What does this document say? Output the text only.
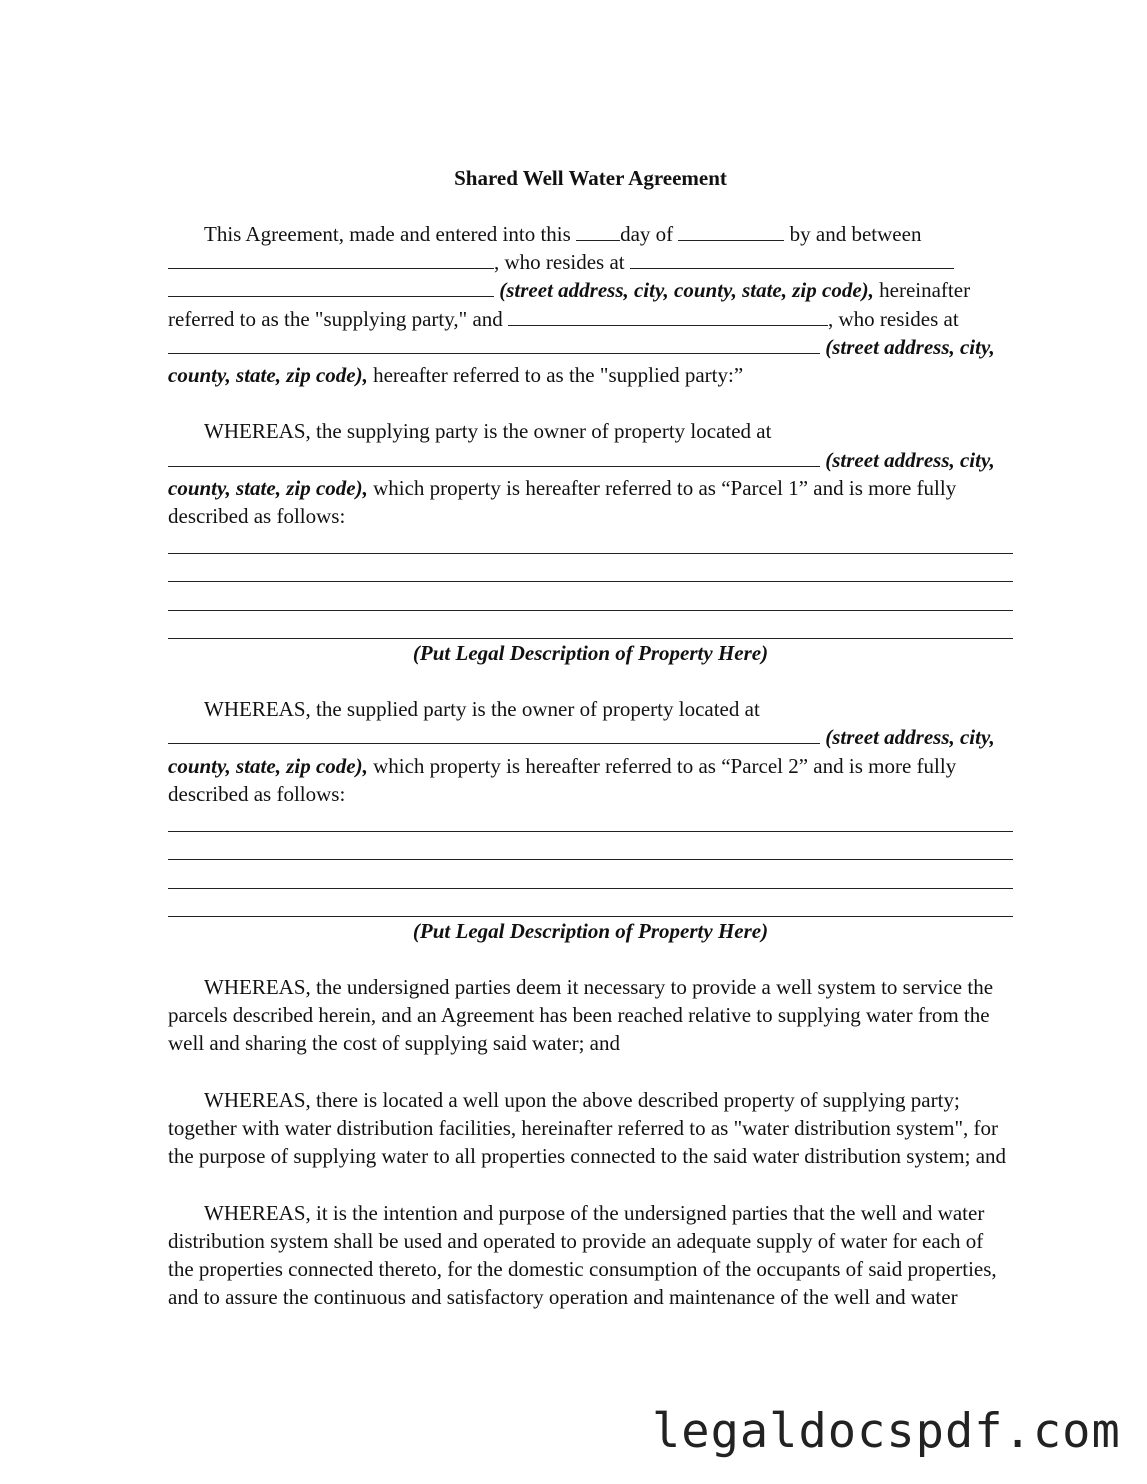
Shared Well Water Agreement
This Agreement, made and entered into this day of	by and between
, who resides at
(street address, city, county, state, zip code), hereinafter
referred to as the "supplying party," and	, who resides at
(street address, city,
county, state, zip code), hereafter referred to as the "supplied party:”
WHEREAS, the supplying party is the owner of property located at
(street address, city,
county, state, zip code), which property is hereafter referred to as “Parcel 1” and is more fully
described as follows:
(Put Legal Description of Property Here)
WHEREAS, the supplied party is the owner of property located at
(street address, city,
county, state, zip code), which property is hereafter referred to as “Parcel 2” and is more fully
described as follows:
(Put Legal Description of Property Here)
WHEREAS, the undersigned parties deem it necessary to provide a well system to service the
parcels described herein, and an Agreement has been reached relative to supplying water from the
well and sharing the cost of supplying said water; and
WHEREAS, there is located a well upon the above described property of supplying party;
together with water distribution facilities, hereinafter referred to as "water distribution system", for
the purpose of supplying water to all properties connected to the said water distribution system; and
WHEREAS, it is the intention and purpose of the undersigned parties that the well and water
distribution system shall be used and operated to provide an adequate supply of water for each of
the properties connected thereto, for the domestic consumption of the occupants of said properties,
and to assure the continuous and satisfactory operation and maintenance of the well and water
legaldocspdf.com
